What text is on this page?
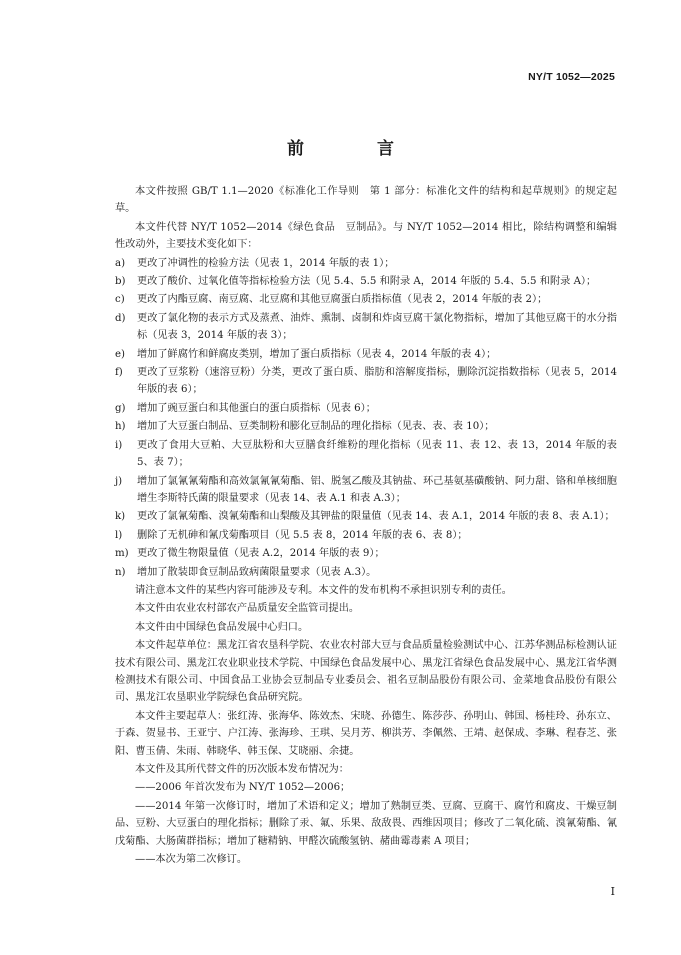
NY/T 1052—2025
前　言

本文件按照 GB/T 1.1—2020《标准化工作导则　第 1 部分：标准化文件的结构和起草规则》的规定起草。

本文件代替 NY/T 1052—2014《绿色食品　豆制品》。与 NY/T 1052—2014 相比，除结构调整和编辑性改动外，主要技术变化如下：

a)	更改了冲调性的检验方法（见表 1，2014 年版的表 1）；
b)	更改了酸价、过氧化值等指标检验方法（见 5.4、5.5 和附录 A，2014 年版的 5.4、5.5 和附录 A）；
c)	更改了内酯豆腐、南豆腐、北豆腐和其他豆腐蛋白质指标值（见表 2，2014 年版的表 2）；
d)	更改了氯化物的表示方式及蒸煮、油炸、熏制、卤制和炸卤豆腐干氯化物指标，增加了其他豆腐干的水分指标（见表 3，2014 年版的表 3）；
e)	增加了鲜腐竹和鲜腐皮类别，增加了蛋白质指标（见表 4，2014 年版的表 4）；
f)	更改了豆浆粉（速溶豆粉）分类，更改了蛋白质、脂肪和溶解度指标，删除沉淀指数指标（见表 5，2014 年版的表 6）；
g)	增加了豌豆蛋白和其他蛋白的蛋白质指标（见表 6）；
h)	增加了大豆蛋白制品、豆类制粉和膨化豆制品的理化指标（见表、表、表 10）；
i)	更改了食用大豆粕、大豆肽粉和大豆膳食纤维粉的理化指标（见表 11、表 12、表 13，2014 年版的表 5、表 7）；
j)	增加了氯氰氰菊酯和高效氯氰氰菊酯、铝、脱氢乙酸及其钠盐、环己基氨基磺酸钠、阿力甜、铬和单核细胞增生李斯特氏菌的限量要求（见表 14、表 A.1 和表 A.3）；
k)	更改了氯氰菊酯、溴氰菊酯和山梨酸及其钾盐的限量值（见表 14、表 A.1，2014 年版的表 8、表 A.1）；
l)	删除了无机砷和氰戊菊酯项目（见 5.5 表 8，2014 年版的表 6、表 8）；
m) 更改了微生物限量值（见表 A.2，2014 年版的表 9）；
n)	增加了散装即食豆制品致病菌限量要求（见表 A.3）。

请注意本文件的某些内容可能涉及专利。本文件的发布机构不承担识别专利的责任。

本文件由农业农村部农产品质量安全监管司提出。

本文件由中国绿色食品发展中心归口。

本文件起草单位：黑龙江省农垦科学院、农业农村部大豆与食品质量检验测试中心、江苏华测品标检测认证技术有限公司、黑龙江农业职业技术学院、中国绿色食品发展中心、黑龙江省绿色食品发展中心、黑龙江省华测检测技术有限公司、中国食品工业协会豆制品专业委员会、祖名豆制品股份有限公司、金菜地食品股份有限公司、黑龙江农垦职业学院绿色食品研究院。

本文件主要起草人：张红涛、张海华、陈效杰、宋晓、孙德生、陈莎莎、孙明山、韩国、杨桂玲、孙东立、于森、贺显书、王亚宁、户江涛、张海珍、王琪、吴月芳、柳洪芳、李佩然、王靖、赵保成、李琳、程春芝、张阳、曹玉倩、朱雨、韩晓华、韩玉保、艾晓丽、余捷。

本文件及其所代替文件的历次版本发布情况为：

——2006 年首次发布为 NY/T 1052—2006；

——2014 年第一次修订时，增加了术语和定义；增加了熟制豆类、豆腐、豆腐干、腐竹和腐皮、干燥豆制品、豆粉、大豆蛋白的理化指标；删除了汞、氟、乐果、敌敌畏、西维因项目；修改了二氧化硫、溴氰菊酯、氰戊菊酯、大肠菌群指标；增加了糖精钠、甲醛次硫酸氢钠、赭曲霉毒素 A 项目；

——本次为第二次修订。

I
